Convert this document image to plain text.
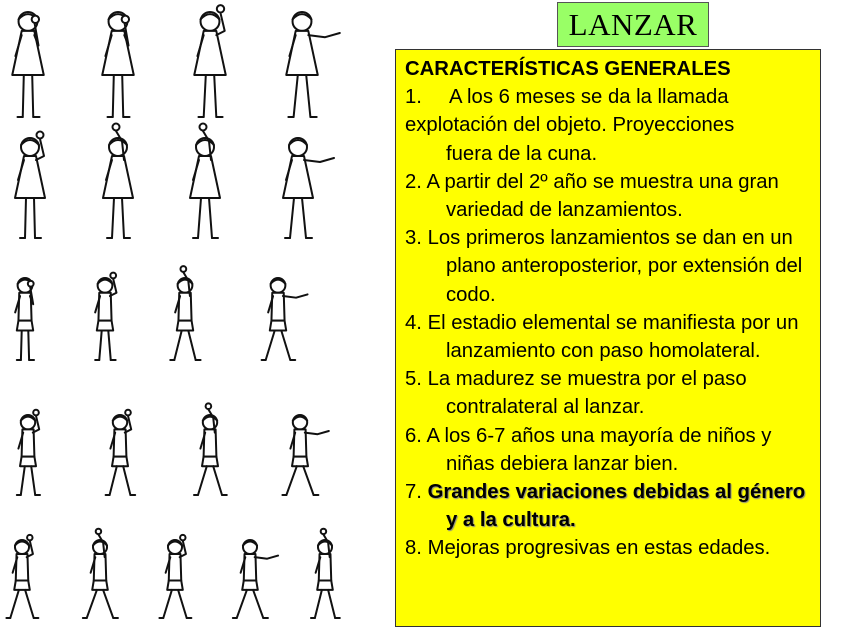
LANZAR

CARACTERÍSTICAS GENERALES

1. A los 6 meses se da la llamada
explotación del objeto. Proyecciones
fuera de la cuna.

2. A partir del 2º año se muestra una gran variedad de lanzamientos.

3. Los primeros lanzamientos se dan en un plano anteroposterior, por extensión del codo.

4. El estadio elemental se manifiesta por un lanzamiento con paso homolateral.

5. La madurez se muestra por el paso contralateral al lanzar.

6. A los 6-7 años una mayoría de niños y niñas debiera lanzar bien.

7. Grandes variaciones debidas al género y a la cultura.

8. Mejoras progresivas en estas edades.
